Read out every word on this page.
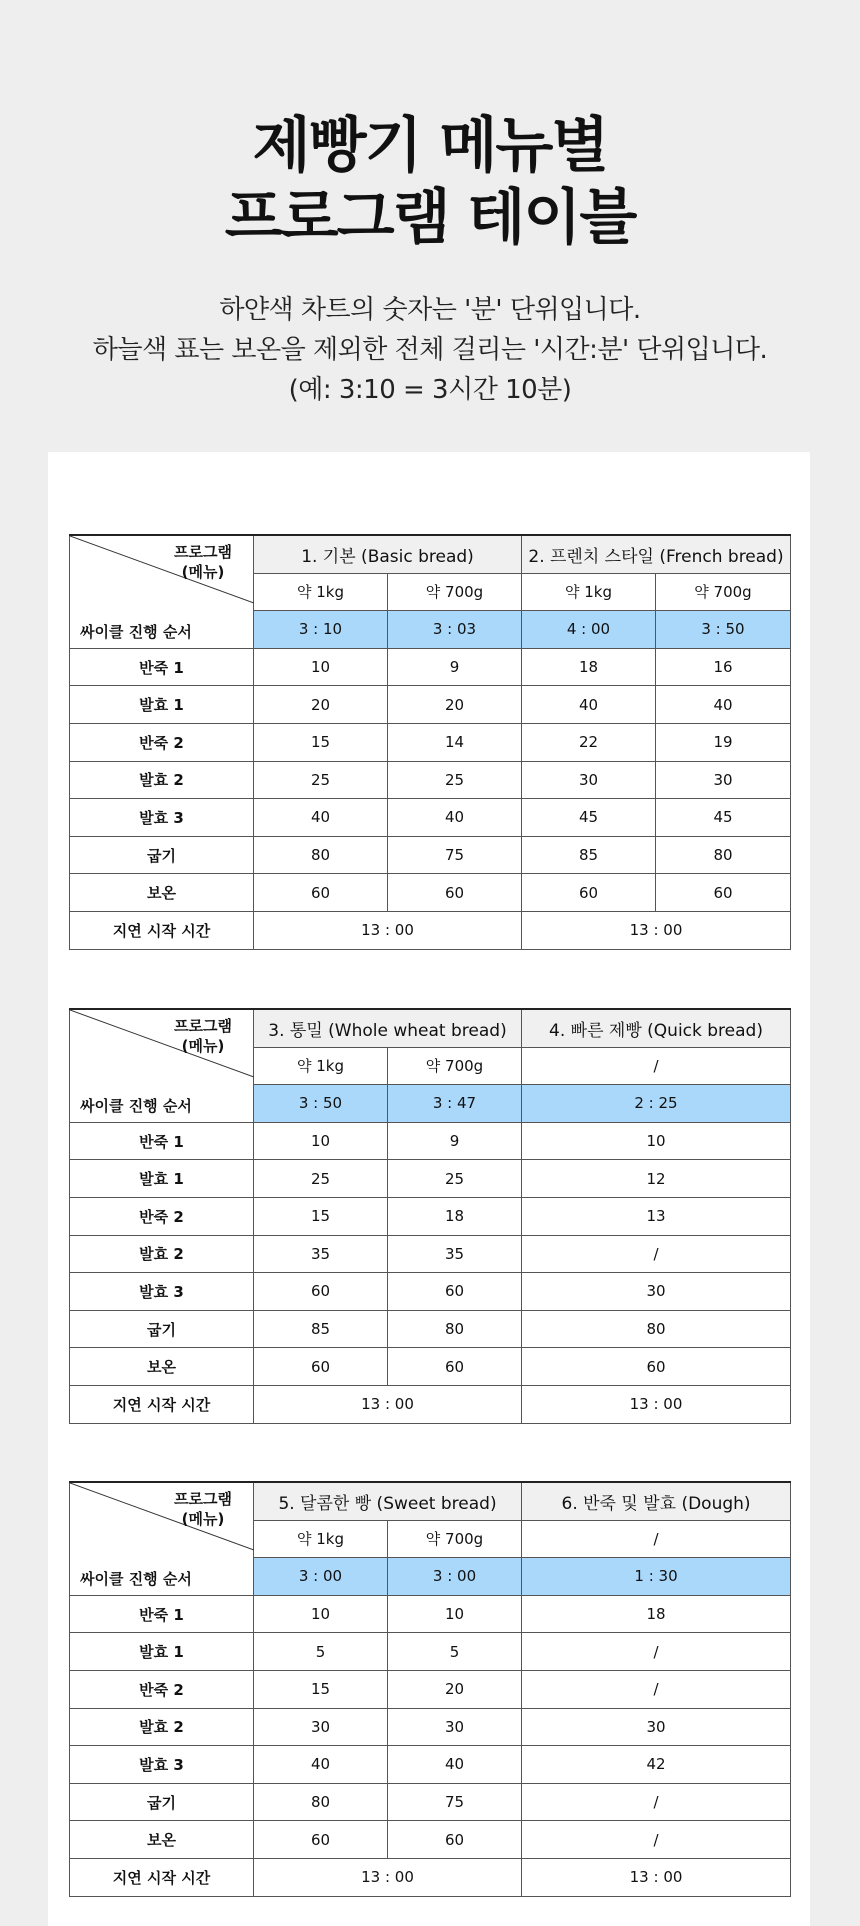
제빵기 메뉴별
프로그램 테이블
하얀색 차트의 숫자는 '분' 단위입니다.
하늘색 표는 보온을 제외한 전체 걸리는 '시간:분' 단위입니다.
(예: 3:10 = 3시간 10분)
프로그램
(메뉴)
싸이클 진행 순서	1. 기본 (Basic bread)		2. 프렌치 스타일 (French bread)	
	약 1kg	약 700g	약 1kg	약 700g
	3 : 10	3 : 03	4 : 00	3 : 50
반죽 1	10	9	18	16
발효 1	20	20	40	40
반죽 2	15	14	22	19
발효 2	25	25	30	30
발효 3	40	40	45	45
굽기	80	75	85	80
보온	60	60	60	60
지연 시작 시간	13 : 00		13 : 00	
프로그램
(메뉴)
싸이클 진행 순서	3. 통밀 (Whole wheat bread)		4. 빠른 제빵 (Quick bread)
	약 1kg	약 700g	/
	3 : 50	3 : 47	2 : 25
반죽 1	10	9	10
발효 1	25	25	12
반죽 2	15	18	13
발효 2	35	35	/
발효 3	60	60	30
굽기	85	80	80
보온	60	60	60
지연 시작 시간	13 : 00		13 : 00
프로그램
(메뉴)
싸이클 진행 순서	5. 달콤한 빵 (Sweet bread)		6. 반죽 및 발효 (Dough)
	약 1kg	약 700g	/
	3 : 00	3 : 00	1 : 30
반죽 1	10	10	18
발효 1	5	5	/
반죽 2	15	20	/
발효 2	30	30	30
발효 3	40	40	42
굽기	80	75	/
보온	60	60	/
지연 시작 시간	13 : 00		13 : 00
